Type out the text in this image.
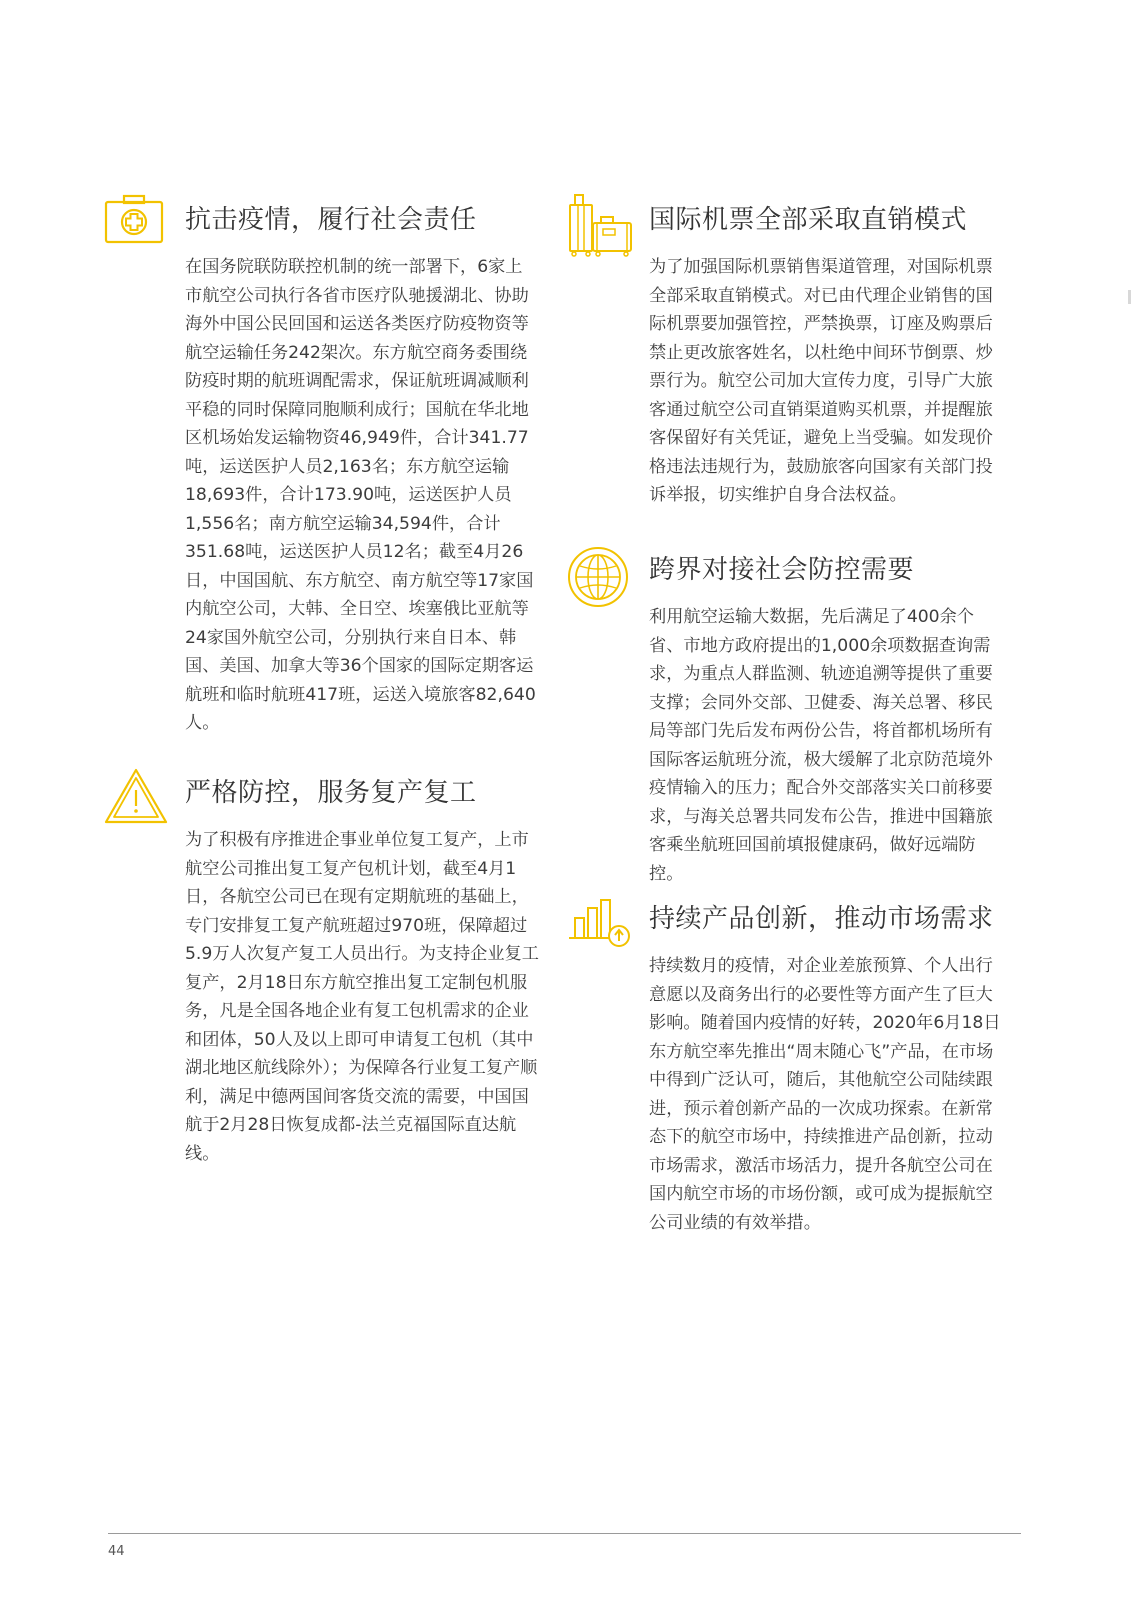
抗击疫情，履行社会责任

在国务院联防联控机制的统一部署下，6家上市航空公司执行各省市医疗队驰援湖北、协助海外中国公民回国和运送各类医疗防疫物资等航空运输任务242架次。东方航空商务委围绕防疫时期的航班调配需求，保证航班调减顺利平稳的同时保障同胞顺利成行；国航在华北地区机场始发运输物资46,949件，合计341.77吨，运送医护人员2,163名；东方航空运输18,693件，合计173.90吨，运送医护人员1,556名；南方航空运输34,594件，合计351.68吨，运送医护人员12名；截至4月26日，中国国航、东方航空、南方航空等17家国内航空公司，大韩、全日空、埃塞俄比亚航等24家国外航空公司，分别执行来自日本、韩国、美国、加拿大等36个国家的国际定期客运航班和临时航班417班，运送入境旅客82,640人。

严格防控，服务复产复工

为了积极有序推进企事业单位复工复产，上市航空公司推出复工复产包机计划，截至4月1日，各航空公司已在现有定期航班的基础上，专门安排复工复产航班超过970班，保障超过5.9万人次复产复工人员出行。为支持企业复工复产，2月18日东方航空推出复工定制包机服务，凡是全国各地企业有复工包机需求的企业和团体，50人及以上即可申请复工包机（其中湖北地区航线除外）；为保障各行业复工复产顺利，满足中德两国间客货交流的需要，中国国航于2月28日恢复成都-法兰克福国际直达航线。

国际机票全部采取直销模式

为了加强国际机票销售渠道管理，对国际机票全部采取直销模式。对已由代理企业销售的国际机票要加强管控，严禁换票，订座及购票后禁止更改旅客姓名，以杜绝中间环节倒票、炒票行为。航空公司加大宣传力度，引导广大旅客通过航空公司直销渠道购买机票，并提醒旅客保留好有关凭证，避免上当受骗。如发现价格违法违规行为，鼓励旅客向国家有关部门投诉举报，切实维护自身合法权益。

跨界对接社会防控需要

利用航空运输大数据，先后满足了400余个省、市地方政府提出的1,000余项数据查询需求，为重点人群监测、轨迹追溯等提供了重要支撑；会同外交部、卫健委、海关总署、移民局等部门先后发布两份公告，将首都机场所有国际客运航班分流，极大缓解了北京防范境外疫情输入的压力；配合外交部落实关口前移要求，与海关总署共同发布公告，推进中国籍旅客乘坐航班回国前填报健康码，做好远端防控。

持续产品创新，推动市场需求

持续数月的疫情，对企业差旅预算、个人出行意愿以及商务出行的必要性等方面产生了巨大影响。随着国内疫情的好转，2020年6月18日东方航空率先推出“周末随心飞”产品，在市场中得到广泛认可，随后，其他航空公司陆续跟进，预示着创新产品的一次成功探索。在新常态下的航空市场中，持续推进产品创新，拉动市场需求，激活市场活力，提升各航空公司在国内航空市场的市场份额，或可成为提振航空公司业绩的有效举措。

44
